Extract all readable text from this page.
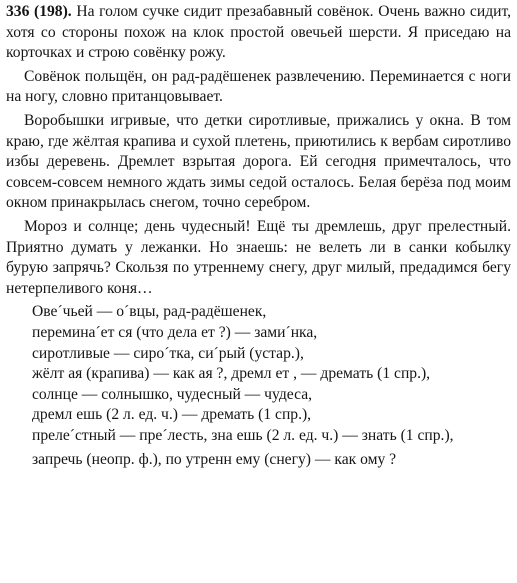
336 (198). На голом сучке сидит презабавный совёнок. Очень важно сидит, хотя со стороны похож на клок простой овечьей шерсти. Я приседаю на корточках и строю совёнку рожу.

Совёнок польщён, он рад-радёшенек развлечению. Переминается с ноги на ногу, словно пританцовывает.

Воробышки игривые, что детки сиротливые, прижались у окна. В том краю, где жёлтая крапива и сухой плетень, приютились к вербам сиротливо избы деревень. Дремлет взрытая дорога. Ей сегодня примечталось, что совсем-совсем немного ждать зимы седой осталось. Белая берёза под моим окном принакрылась снегом, точно серебром.

Мороз и солнце; день чудесный! Ещё ты дремлешь, друг прелестный. Приятно думать у лежанки. Но знаешь: не велеть ли в санки кобылку бурую запрячь? Скользя по утреннему снегу, друг милый, предадимся бегу нетерпеливого коня…

Ове´чьей — о´вцы, рад-радёшенек,
перемина´ет ся (что дела ет ?) — зами´нка,
сиротливые — сиро´тка, си´рый (устар.),
жёлт ая (крапива) — как ая ?, дремл ет , — дремать (1 спр.),
солнце — солнышко, чудесный — чудеса,
дремл ешь (2 л. ед. ч.) — дремать (1 спр.),
преле´стный — пре´лесть, зна ешь (2 л. ед. ч.) — знать (1 спр.),
запречь (неопр. ф.), по утренн ему (снегу) — как ому ?
